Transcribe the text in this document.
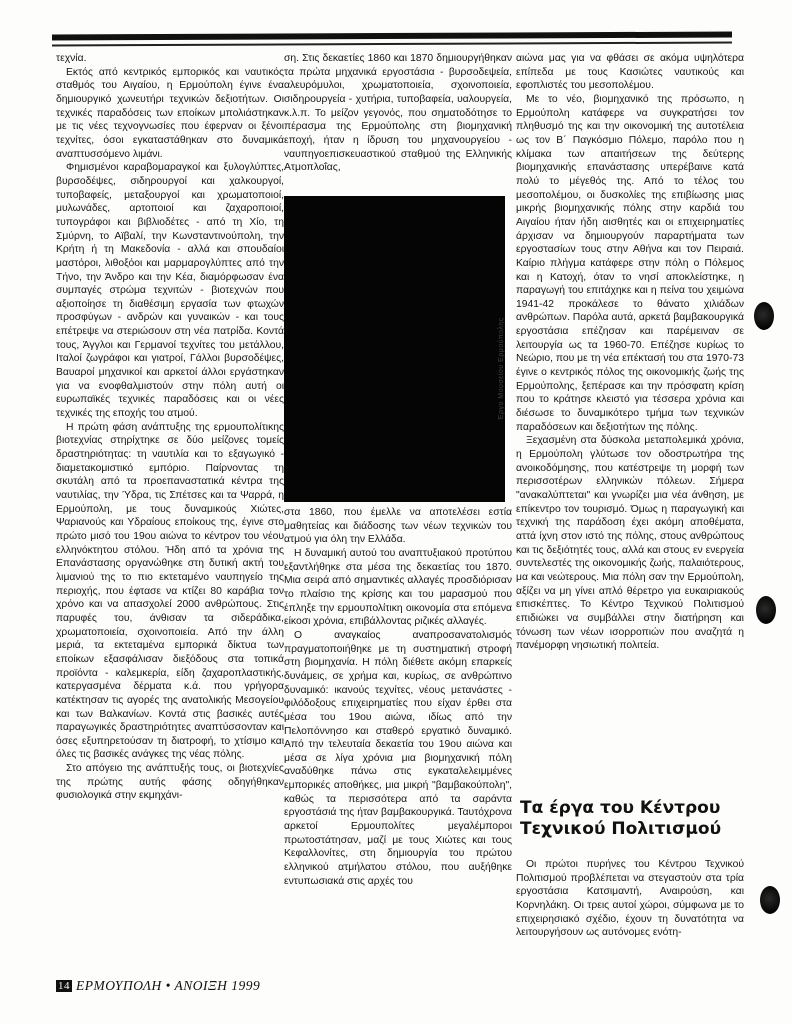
τεχνία.

Εκτός από κεντρικός εμπορικός και ναυτικός σταθμός του Αιγαίου, η Ερμούπολη έγινε ένα δημιουργικό χωνευτήρι τεχνικών δεξιοτήτων. Οι τεχνικές παραδόσεις των εποίκων μπολιάστηκαν με τις νέες τεχνογνωσίες που έφερναν οι ξένοι τεχνίτες, όσοι εγκαταστάθηκαν στο δυναμικά αναπτυσσόμενο λιμάνι.

Φημισμένοι καραβομαραγκοί και ξυλογλύπτες, βυρσοδέψες, σιδηρουργοί και χαλκουργοί, τυποβαφείς, μεταξουργοί και χρωματοποιοί, μυλωνάδες, αρτοποιοί και ζαχαροποιοί, τυπογράφοι και βιβλιοδέτες - από τη Χίο, τη Σμύρνη, το Αϊβαλί, την Κωνσταντινούπολη, την Κρήτη ή τη Μακεδονία - αλλά και σπουδαίοι μαστόροι, λιθοξόοι και μαρμαρογλύπτες από την Τήνο, την Άνδρο και την Κέα, διαμόρφωσαν ένα συμπαγές στρώμα τεχνιτών - βιοτεχνών που αξιοποίησε τη διαθέσιμη εργασία των φτωχών προσφύγων - ανδρών και γυναικών - και τους επέτρεψε να στεριώσουν στη νέα πατρίδα. Κοντά τους, Άγγλοι και Γερμανοί τεχνίτες του μετάλλου, Ιταλοί ζωγράφοι και γιατροί, Γάλλοι βυρσοδέψες, Βαυαροί μηχανικοί και αρκετοί άλλοι εργάστηκαν για να ενοφθαλμιστούν στην πόλη αυτή οι ευρωπαϊκές τεχνικές παραδόσεις και οι νέες τεχνικές της εποχής του ατμού.

Η πρώτη φάση ανάπτυξης της ερμουπολίτικης βιοτεχνίας στηρίχτηκε σε δύο μείζονες τομείς δραστηριότητας: τη ναυτιλία και το εξαγωγικό - διαμετακομιστικό εμπόριο. Παίρνοντας τη σκυτάλη από τα προεπαναστατικά κέντρα της ναυτιλίας, την Ύδρα, τις Σπέτσες και τα Ψαρρά, η Ερμούπολη, με τους δυναμικούς Χιώτες, Ψαριανούς και Υδραίους εποίκους της, έγινε στο πρώτο μισό του 19ου αιώνα το κέντρον του νέου ελληνόκτητου στόλου. Ήδη από τα χρόνια της Επανάστασης οργανώθηκε στη δυτική ακτή του λιμανιού της το πιο εκτεταμένο ναυπηγείο της περιοχής, που έφτασε να κτίζει 80 καράβια τον χρόνο και να απασχολεί 2000 ανθρώπους. Στις παρυφές του, άνθισαν τα σιδεράδικα, χρωματοποιεία, σχοινοποιεία. Από την άλλη μεριά, τα εκτεταμένα εμπορικά δίκτυα των εποίκων εξασφάλισαν διεξόδους στα τοπικά προϊόντα - καλεμκερία, είδη ζαχαροπλαστικής, κατεργασμένα δέρματα κ.ά. που γρήγορα κατέκτησαν τις αγορές της ανατολικής Μεσογείου και των Βαλκανίων. Κοντά στις βασικές αυτές παραγωγικές δραστηριότητες αναπτύσσονταν και όσες εξυπηρετούσαν τη διατροφή, το χτίσιμο και όλες τις βασικές ανάγκες της νέας πόλης.

Στο απόγειο της ανάπτυξής τους, οι βιοτεχνίες της πρώτης αυτής φάσης οδηγήθηκαν φυσιολογικά στην εκμηχάνι-

ση. Στις δεκαετίες 1860 και 1870 δημιουργήθηκαν τα πρώτα μηχανικά εργοστάσια - βυρσοδεψεία, αλευρόμυλοι, χρωματοποιεία, σχοινοποιεία, σιδηρουργεία - χυτήρια, τυποβαφεία, υαλουργεία, κ.λ.π. Το μείζον γεγονός, που σηματοδότησε το πέρασμα της Ερμούπολης στη βιομηχανική εποχή, ήταν η ίδρυση του μηχανουργείου - ναυπηγοεπισκευαστικού σταθμού της Ελληνικής Ατμοπλοΐας,

Έργο Μουσείου Ερμούπολης

στα 1860, που έμελλε να αποτελέσει εστία μαθητείας και διάδοσης των νέων τεχνικών του ατμού για όλη την Ελλάδα.

Η δυναμική αυτού του αναπτυξιακού προτύπου εξαντλήθηκε στα μέσα της δεκαετίας του 1870. Μια σειρά από σημαντικές αλλαγές προσδιόρισαν το πλαίσιο της κρίσης και του μαρασμού που έπληξε την ερμουπολίτικη οικονομία στα επόμενα είκοσι χρόνια, επιβάλλοντας ριζικές αλλαγές.

Ο αναγκαίος αναπροσανατολισμός πραγματοποιήθηκε με τη συστηματική στροφή στη βιομηχανία. Η πόλη διέθετε ακόμη επαρκείς δυνάμεις, σε χρήμα και, κυρίως, σε ανθρώπινο δυναμικό: ικανούς τεχνίτες, νέους μετανάστες - φιλόδοξους επιχειρηματίες που είχαν έρθει στα μέσα του 19ου αιώνα, ιδίως από την Πελοπόννησο και σταθερό εργατικό δυναμικό. Από την τελευταία δεκαετία του 19ου αιώνα και μέσα σε λίγα χρόνια μια βιομηχανική πόλη αναδύθηκε πάνω στις εγκαταλελειμμένες εμπορικές αποθήκες, μια μικρή "βαμβακούπολη", καθώς τα περισσότερα από τα σαράντα εργοστάσιά της ήταν βαμβακουργικά. Ταυτόχρονα αρκετοί Ερμουπολίτες μεγαλέμποροι πρωτοστάτησαν, μαζί με τους Χιώτες και τους Κεφαλλονίτες, στη δημιουργία του πρώτου ελληνικού ατμήλατου στόλου, που αυξήθηκε εντυπωσιακά στις αρχές του

αιώνα μας για να φθάσει σε ακόμα υψηλότερα επίπεδα με τους Κασιώτες ναυτικούς και εφοπλιστές του μεσοπολέμου.

Με το νέο, βιομηχανικό της πρόσωπο, η Ερμούπολη κατάφερε να συγκρατήσει τον πληθυσμό της και την οικονομική της αυτοτέλεια ως τον Β΄ Παγκόσμιο Πόλεμο, παρόλο που η κλίμακα των απαιτήσεων της δεύτερης βιομηχανικής επανάστασης υπερέβαινε κατά πολύ το μέγεθός της. Από το τέλος του μεσοπολέμου, οι δυσκολίες της επιβίωσης μιας μικρής βιομηχανικής πόλης στην καρδιά του Αιγαίου ήταν ήδη αισθητές και οι επιχειρηματίες άρχισαν να δημιουργούν παραρτήματα των εργοστασίων τους στην Αθήνα και τον Πειραιά. Καίριο πλήγμα κατάφερε στην πόλη ο Πόλεμος και η Κατοχή, όταν το νησί αποκλείστηκε, η παραγωγή του επιτάχηκε και η πείνα του χειμώνα 1941-42 προκάλεσε το θάνατο χιλιάδων ανθρώπων. Παρόλα αυτά, αρκετά βαμβακουργικά εργοστάσια επέζησαν και παρέμειναν σε λειτουργία ως τα 1960-70. Επέζησε κυρίως το Νεώριο, που με τη νέα επέκτασή του στα 1970-73 έγινε ο κεντρικός πόλος της οικονομικής ζωής της Ερμούπολης, ξεπέρασε και την πρόσφατη κρίση που το κράτησε κλειστό για τέσσερα χρόνια και διέσωσε το δυναμικότερο τμήμα των τεχνικών παραδόσεων και δεξιοτήτων της πόλης.

Ξεχασμένη στα δύσκολα μεταπολεμικά χρόνια, η Ερμούπολη γλύτωσε τον οδοστρωτήρα της ανοικοδόμησης, που κατέστρεψε τη μορφή των περισσοτέρων ελληνικών πόλεων. Σήμερα "ανακαλύπτεται" και γνωρίζει μια νέα άνθηση, με επίκεντρο τον τουρισμό. Όμως η παραγωγική και τεχνική της παράδοση έχει ακόμη αποθέματα, αττά ίχνη στον ιστό της πόλης, στους ανθρώπους και τις δεξιότητές τους, αλλά και στους εν ενεργεία συντελεστές της οικονομικής ζωής, παλαιότερους, μα και νεώτερους. Μια πόλη σαν την Ερμούπολη, αξίζει να μη γίνει απλό θέρετρο για ευκαιριακούς επισκέπτες. Το Κέντρο Τεχνικού Πολιτισμού επιδιώκει να συμβάλλει στην διατήρηση και τόνωση των νέων ισορροπιών που αναζητά η πανέμορφη νησιωτική πολιτεία.

Τα έργα του Κέντρου Τεχνικού Πολιτισμού

Οι πρώτοι πυρήνες του Κέντρου Τεχνικού Πολιτισμού προβλέπεται να στεγαστούν στα τρία εργοστάσια Κατσιμαντή, Αναιρούση, και Κορνηλάκη. Οι τρεις αυτοί χώροι, σύμφωνα με το επιχειρησιακό σχέδιο, έχουν τη δυνατότητα να λειτουργήσουν ως αυτόνομες ενότη-

14 ΕΡΜΟΥΠΟΛΗ • ΑΝΟΙΞΗ 1999
